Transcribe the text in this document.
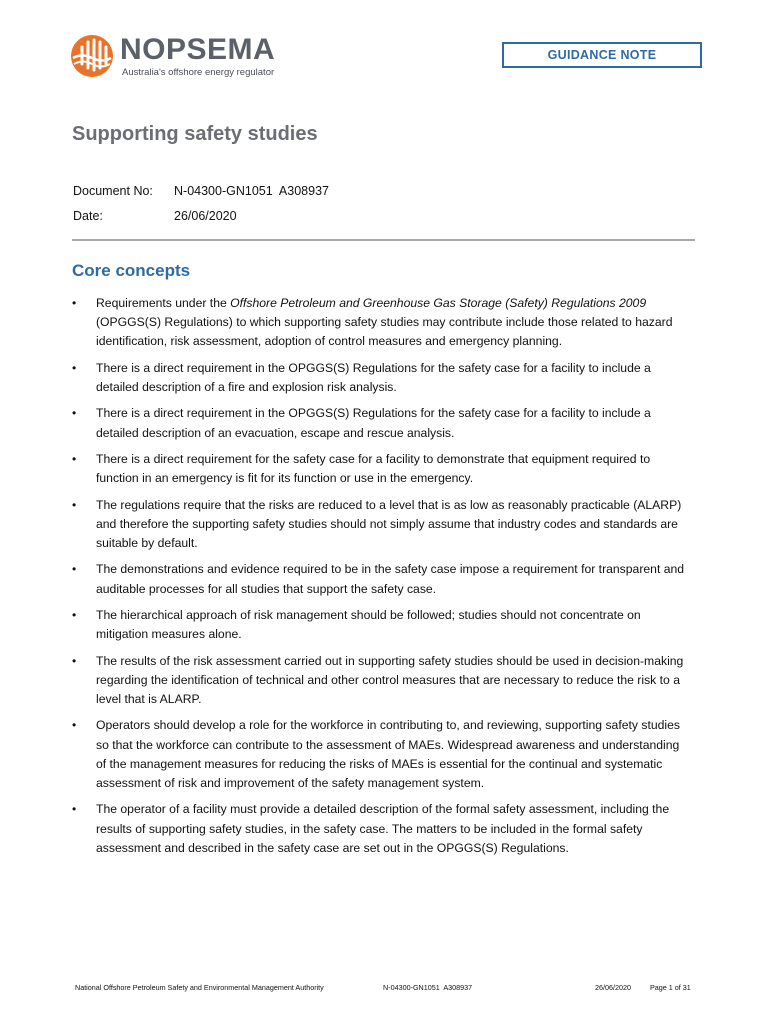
NOPSEMA
Australia's offshore energy regulator
GUIDANCE NOTE
Supporting safety studies
Document No:	N-04300-GN1051  A308937
Date:	26/06/2020
Core concepts
• Requirements under the Offshore Petroleum and Greenhouse Gas Storage (Safety) Regulations 2009 (OPGGS(S) Regulations) to which supporting safety studies may contribute include those related to hazard identification, risk assessment, adoption of control measures and emergency planning.
• There is a direct requirement in the OPGGS(S) Regulations for the safety case for a facility to include a detailed description of a fire and explosion risk analysis.
• There is a direct requirement in the OPGGS(S) Regulations for the safety case for a facility to include a detailed description of an evacuation, escape and rescue analysis.
• There is a direct requirement for the safety case for a facility to demonstrate that equipment required to function in an emergency is fit for its function or use in the emergency.
• The regulations require that the risks are reduced to a level that is as low as reasonably practicable (ALARP) and therefore the supporting safety studies should not simply assume that industry codes and standards are suitable by default.
• The demonstrations and evidence required to be in the safety case impose a requirement for transparent and auditable processes for all studies that support the safety case.
• The hierarchical approach of risk management should be followed; studies should not concentrate on mitigation measures alone.
• The results of the risk assessment carried out in supporting safety studies should be used in decision-making regarding the identification of technical and other control measures that are necessary to reduce the risk to a level that is ALARP.
• Operators should develop a role for the workforce in contributing to, and reviewing, supporting safety studies so that the workforce can contribute to the assessment of MAEs. Widespread awareness and understanding of the management measures for reducing the risks of MAEs is essential for the continual and systematic assessment of risk and improvement of the safety management system.
• The operator of a facility must provide a detailed description of the formal safety assessment, including the results of supporting safety studies, in the safety case. The matters to be included in the formal safety assessment and described in the safety case are set out in the OPGGS(S) Regulations.
National Offshore Petroleum Safety and Environmental Management Authority	N-04300-GN1051  A308937	26/06/2020	Page 1 of 31
